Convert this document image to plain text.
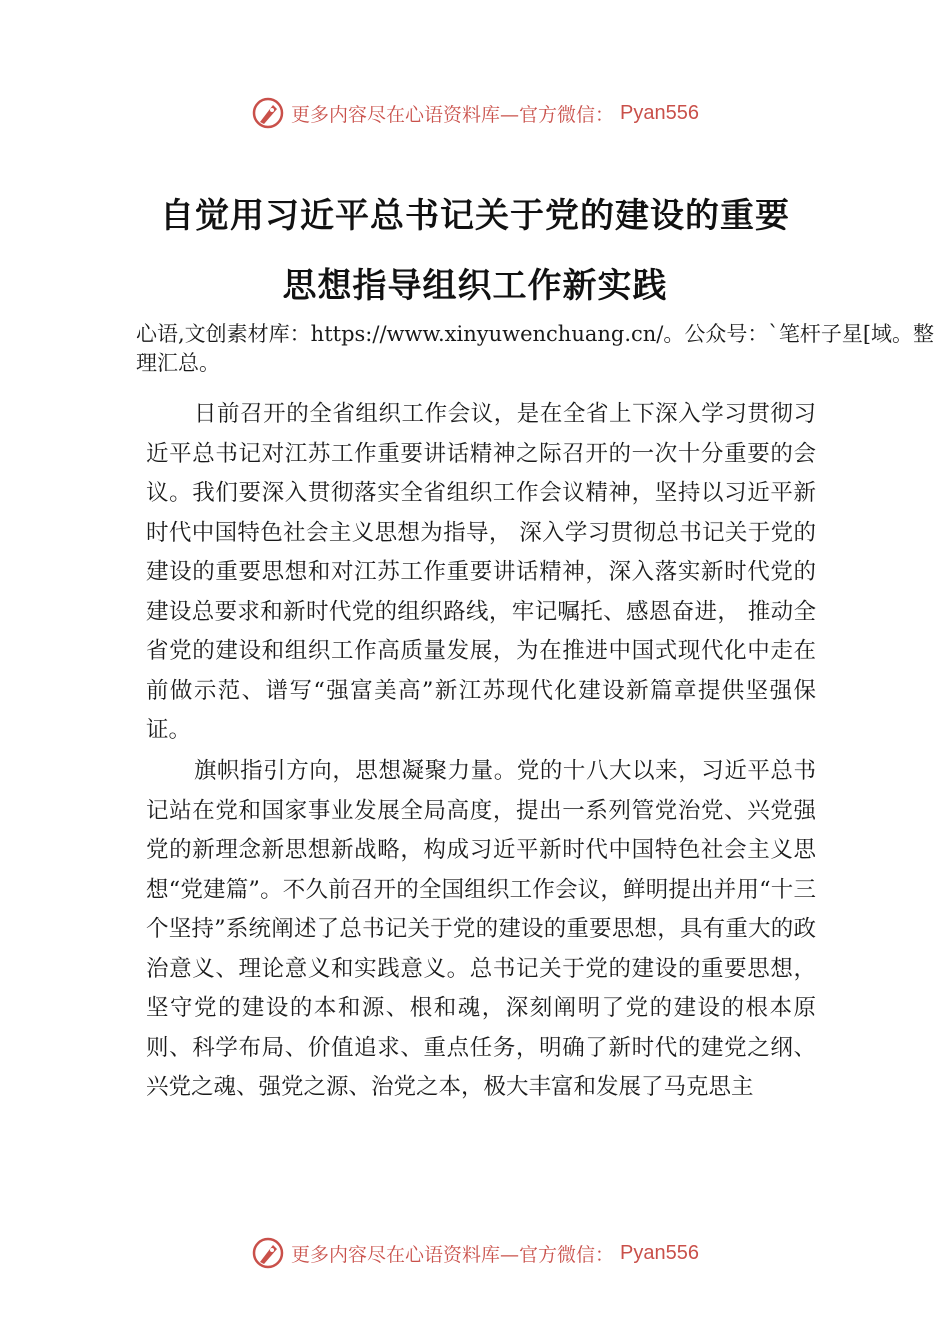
更多内容尽在心语资料库—官方微信： Pyan556
自觉用习近平总书记关于党的建设的重要
思想指导组织工作新实践

心语,文创素材库：https://www.xinyuwenchuang.cn/。公众号：`笔杆子星[域。整理汇总。

日前召开的全省组织工作会议，是在全省上下深入学习贯彻习近平总书记对江苏工作重要讲话精神之际召开的一次十分重要的会议。我们要深入贯彻落实全省组织工作会议精神，坚持以习近平新时代中国特色社会主义思想为指导， 深入学习贯彻总书记关于党的建设的重要思想和对江苏工作重要讲话精神，深入落实新时代党的建设总要求和新时代党的组织路线，牢记嘱托、感恩奋进， 推动全省党的建设和组织工作高质量发展，为在推进中国式现代化中走在前做示范、谱写“强富美高”新江苏现代化建设新篇章提供坚强保证。

旗帜指引方向，思想凝聚力量。党的十八大以来，习近平总书记站在党和国家事业发展全局高度，提出一系列管党治党、兴党强党的新理念新思想新战略，构成习近平新时代中国特色社会主义思想“党建篇”。不久前召开的全国组织工作会议，鲜明提出并用“十三个坚持”系统阐述了总书记关于党的建设的重要思想，具有重大的政治意义、理论意义和实践意义。总书记关于党的建设的重要思想，坚守党的建设的本和源、根和魂，深刻阐明了党的建设的根本原则、科学布局、价值追求、重点任务，明确了新时代的建党之纲、兴党之魂、强党之源、治党之本，极大丰富和发展了马克思主

更多内容尽在心语资料库—官方微信： Pyan556
